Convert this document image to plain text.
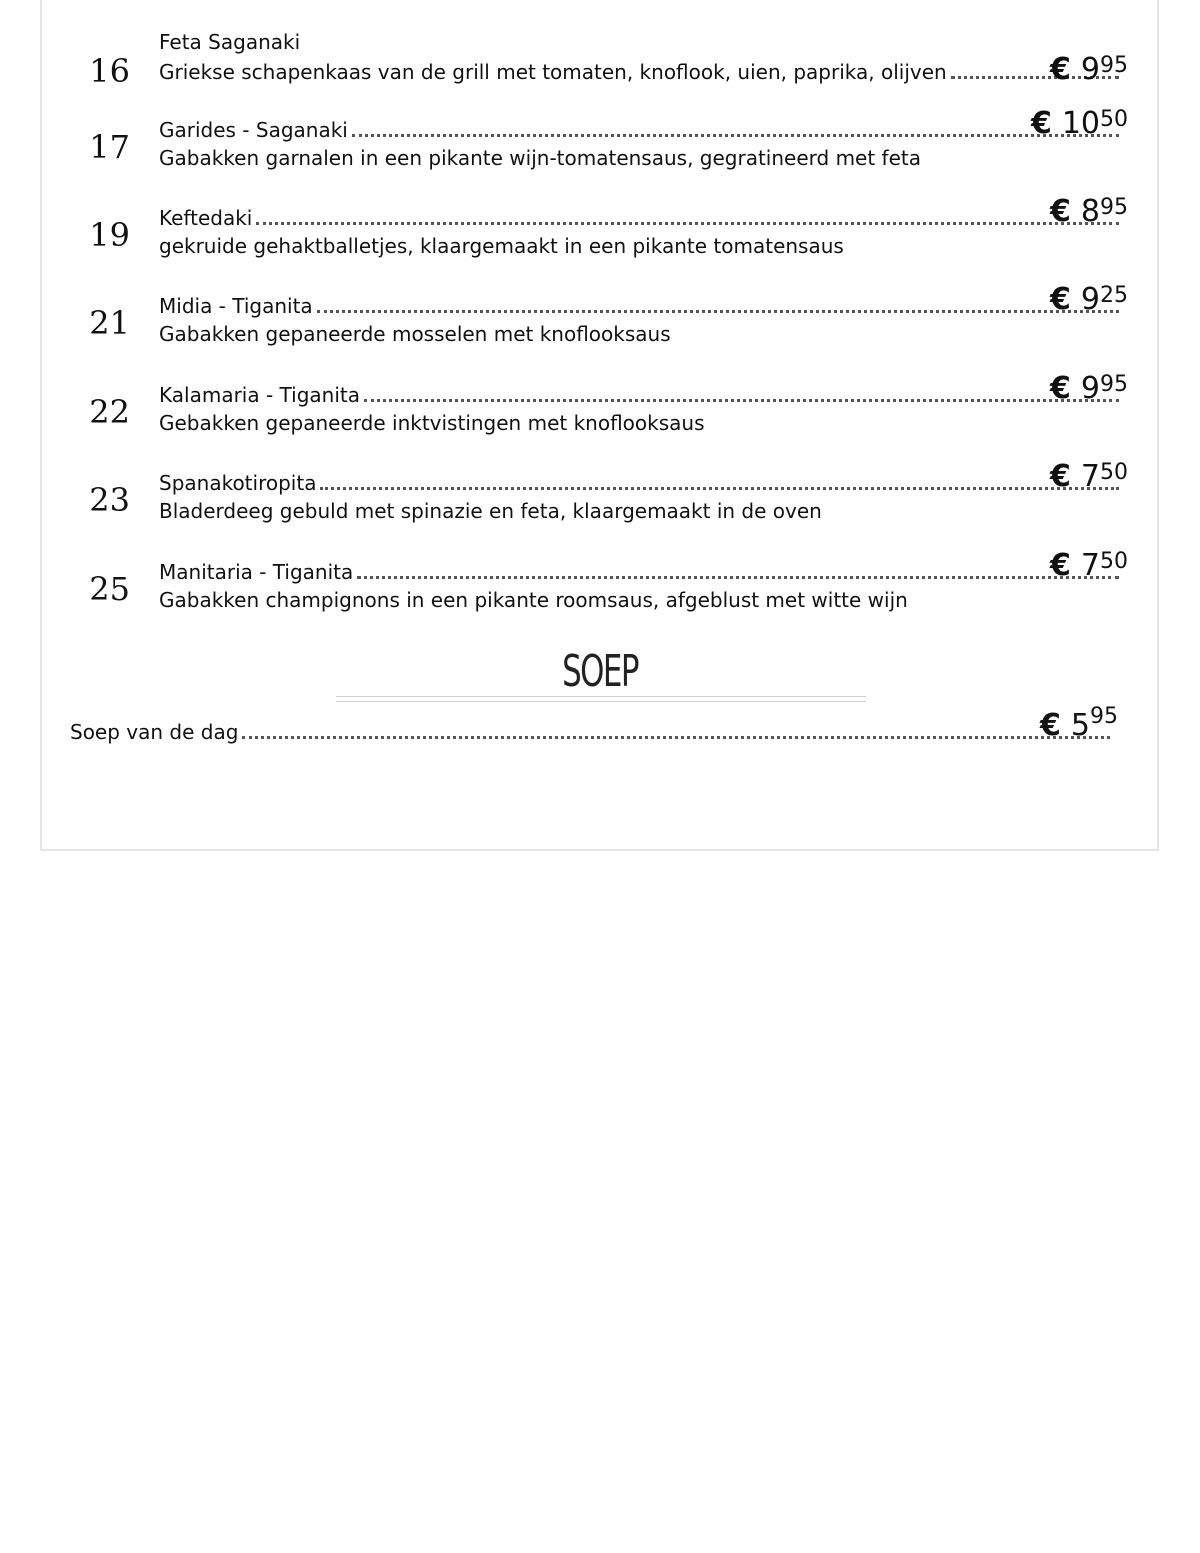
16
Feta Saganaki
Griekse schapenkaas van de grill met tomaten, knoflook, uien, paprika, olijven	€ $9^{95}$
17 Garides - Saganaki
Gabakken garnalen in een pikante wijn-tomatensaus, gegratineerd met feta
€ $10^{50}$
19 Keftedaki
gekruide gehaktballetjes, klaargemaakt in een pikante tomatensaus
€ $8^{95}$
21 Midia - Tiganita
Gabakken gepaneerde mosselen met knoflooksaus
€ $9^{25}$
22 Kalamaria - Tiganita
Gebakken gepaneerde inktvistingen met knoflooksaus
€ $9^{95}$
23 Spanakotiropita
Bladerdeeg gebuld met spinazie en feta, klaargemaakt in de oven
€ $7^{50}$
25 Manitaria - Tiganita
Gabakken champignons in een pikante roomsaus, afgeblust met witte wijn
€ $7^{50}$
SOEP
Soep van de dag	€ $5^{95}$
